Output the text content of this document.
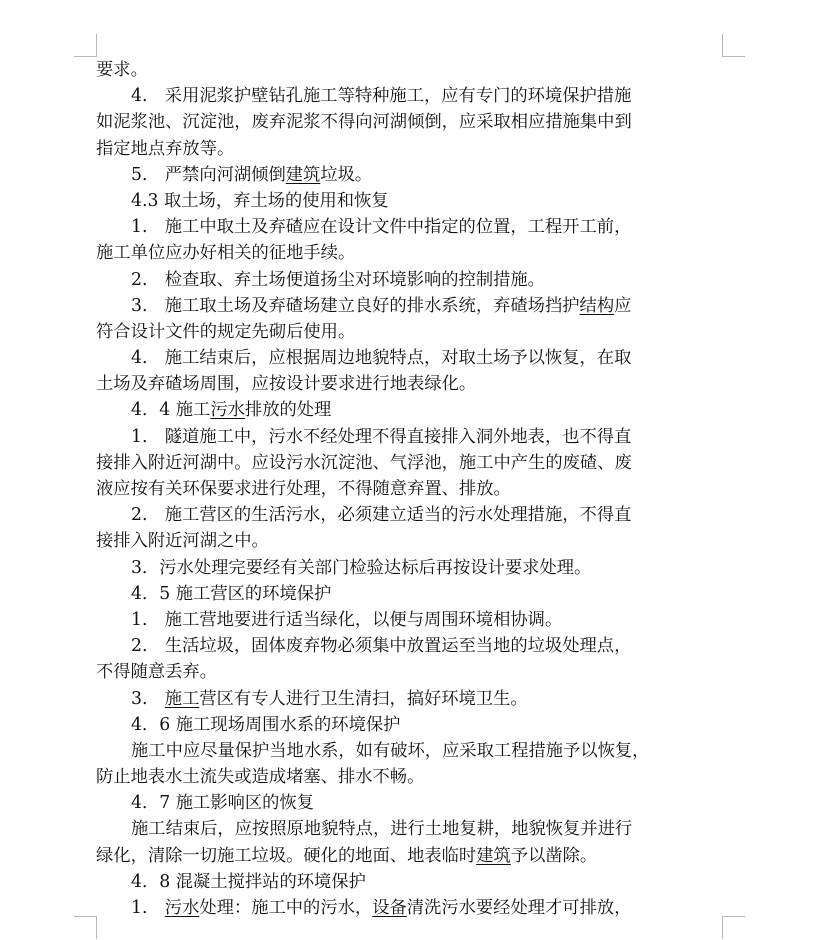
要求。
4.　采用泥浆护壁钻孔施工等特种施工，应有专门的环境保护措施
如泥浆池、沉淀池，废弃泥浆不得向河湖倾倒，应采取相应措施集中到
指定地点弃放等。
5.　严禁向河湖倾倒建筑垃圾。
4.3 取土场，弃土场的使用和恢复
1.　施工中取土及弃碴应在设计文件中指定的位置，工程开工前，
施工单位应办好相关的征地手续。
2.　检查取、弃土场便道扬尘对环境影响的控制措施。
3.　施工取土场及弃碴场建立良好的排水系统，弃碴场挡护结构应
符合设计文件的规定先砌后使用。
4.　施工结束后，应根据周边地貌特点，对取土场予以恢复，在取
土场及弃碴场周围，应按设计要求进行地表绿化。
4．4 施工污水排放的处理
1.　隧道施工中，污水不经处理不得直接排入洞外地表，也不得直
接排入附近河湖中。应设污水沉淀池、气浮池，施工中产生的废碴、废
液应按有关环保要求进行处理，不得随意弃置、排放。
2.　施工营区的生活污水，必须建立适当的污水处理措施，不得直
接排入附近河湖之中。
3．污水处理完要经有关部门检验达标后再按设计要求处理。
4．5 施工营区的环境保护
1.　施工营地要进行适当绿化，以便与周围环境相协调。
2.　生活垃圾，固体废弃物必须集中放置运至当地的垃圾处理点，
不得随意丢弃。
3.　施工营区有专人进行卫生清扫，搞好环境卫生。
4．6 施工现场周围水系的环境保护
施工中应尽量保护当地水系，如有破坏，应采取工程措施予以恢复，
防止地表水土流失或造成堵塞、排水不畅。
4．7 施工影响区的恢复
施工结束后，应按照原地貌特点，进行土地复耕，地貌恢复并进行
绿化，清除一切施工垃圾。硬化的地面、地表临时建筑予以凿除。
4．8 混凝土搅拌站的环境保护
1.　污水处理：施工中的污水，设备清洗污水要经处理才可排放，
